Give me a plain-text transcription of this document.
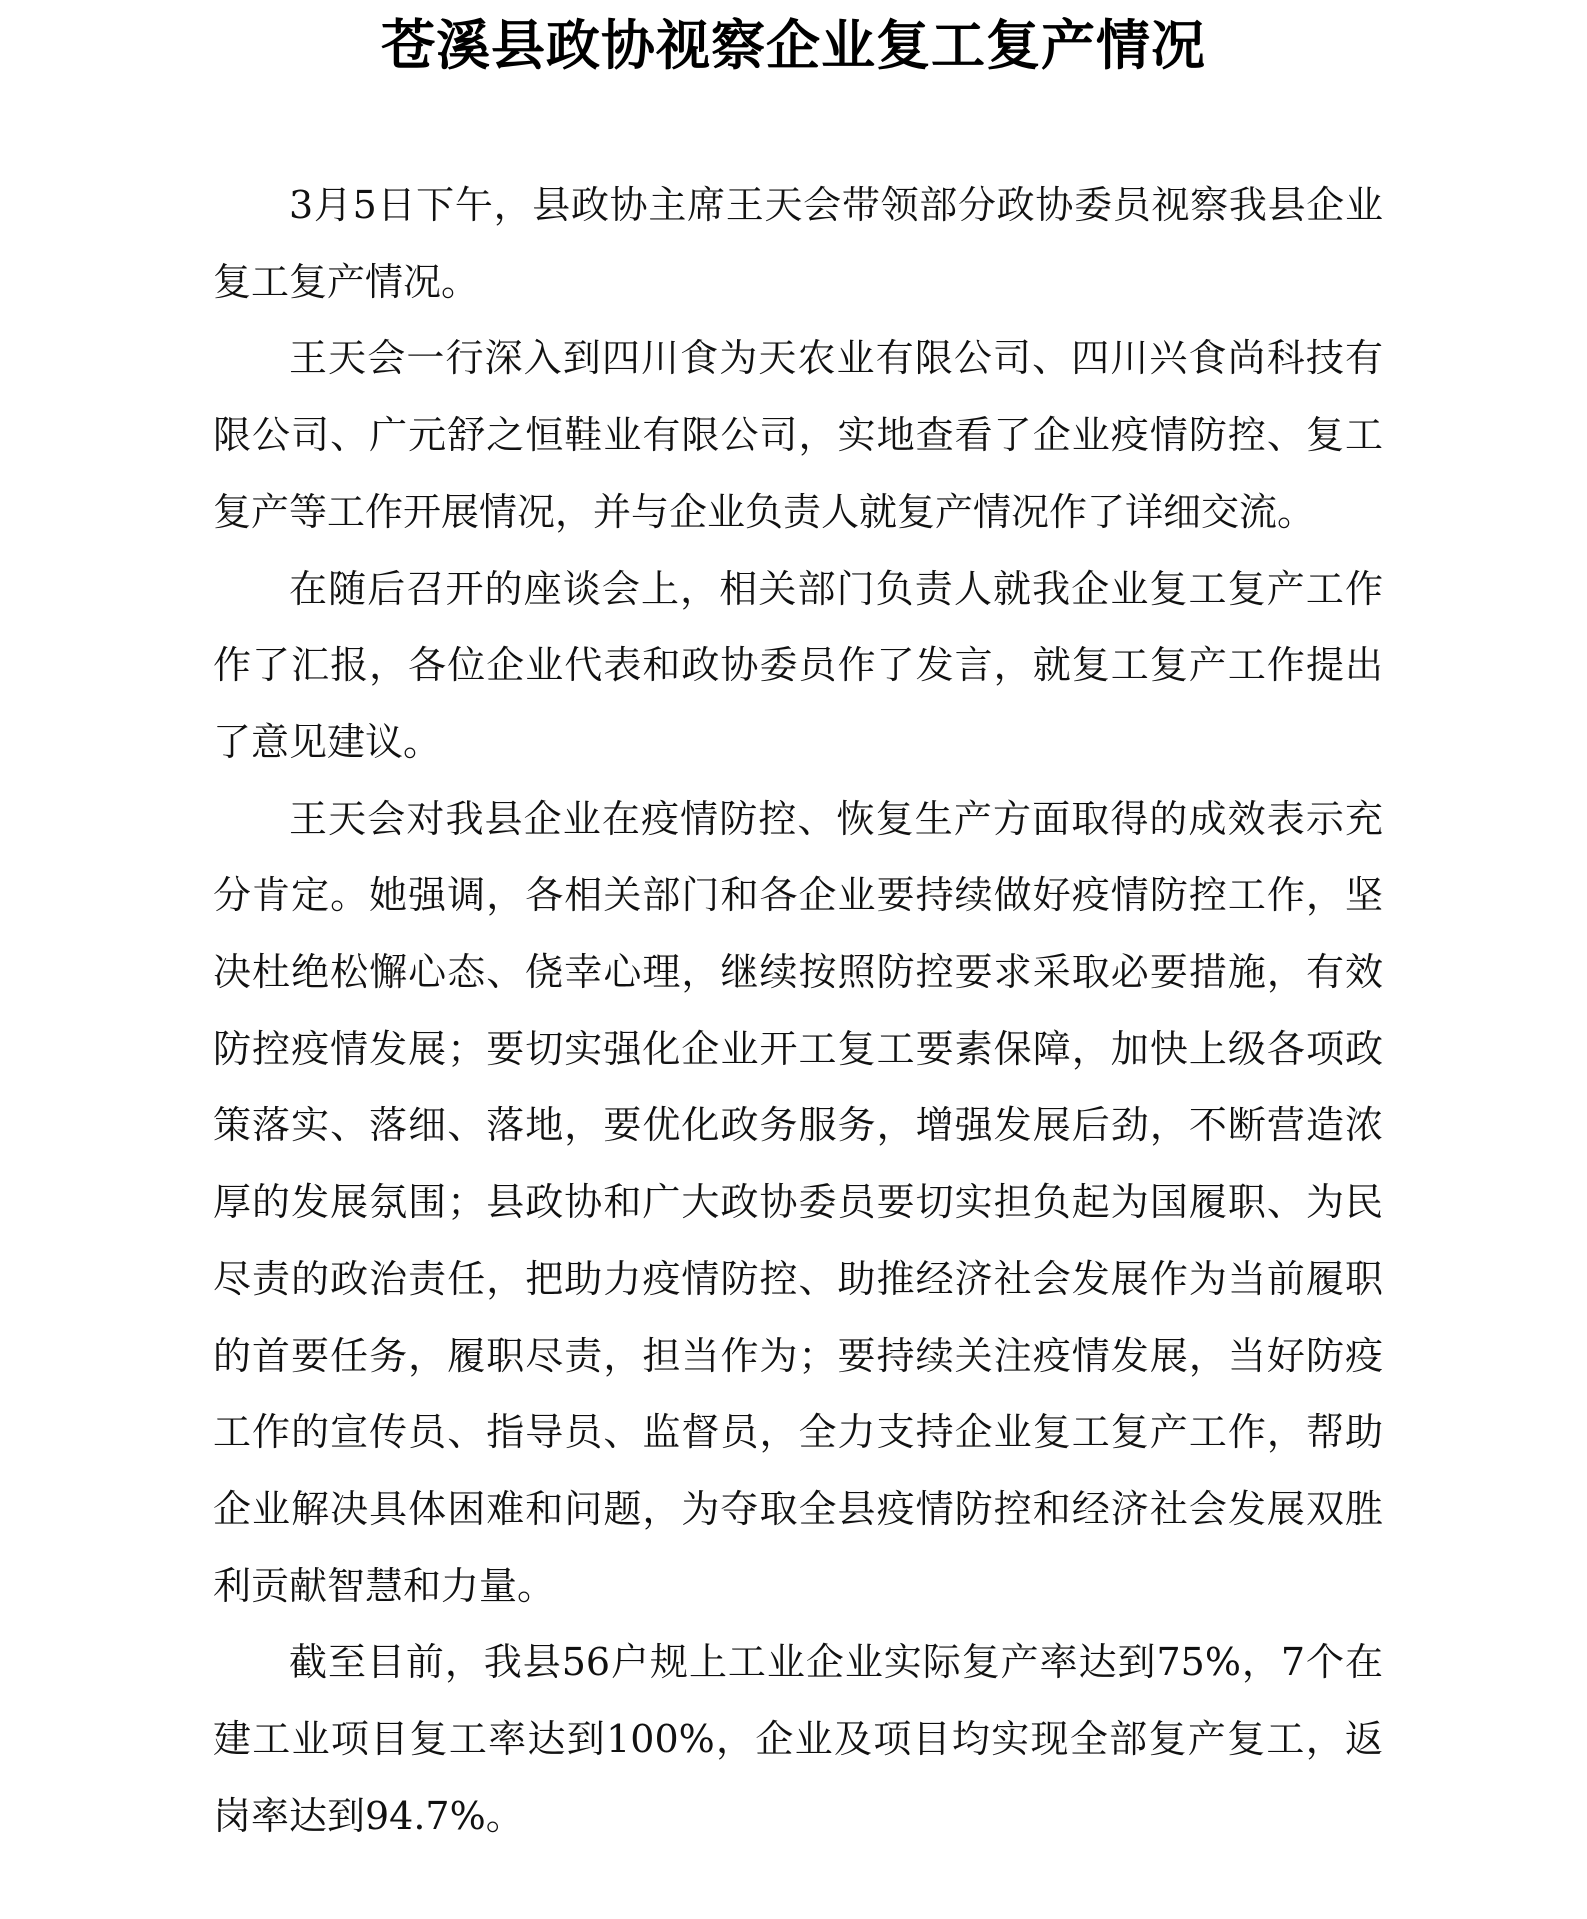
苍溪县政协视察企业复工复产情况

3月5日下午，县政协主席王天会带领部分政协委员视察我县企业复工复产情况。

王天会一行深入到四川食为天农业有限公司、四川兴食尚科技有限公司、广元舒之恒鞋业有限公司，实地查看了企业疫情防控、复工复产等工作开展情况，并与企业负责人就复产情况作了详细交流。

在随后召开的座谈会上，相关部门负责人就我企业复工复产工作作了汇报，各位企业代表和政协委员作了发言，就复工复产工作提出了意见建议。

王天会对我县企业在疫情防控、恢复生产方面取得的成效表示充分肯定。她强调，各相关部门和各企业要持续做好疫情防控工作，坚决杜绝松懈心态、侥幸心理，继续按照防控要求采取必要措施，有效防控疫情发展；要切实强化企业开工复工要素保障，加快上级各项政策落实、落细、落地，要优化政务服务，增强发展后劲，不断营造浓厚的发展氛围；县政协和广大政协委员要切实担负起为国履职、为民尽责的政治责任，把助力疫情防控、助推经济社会发展作为当前履职的首要任务，履职尽责，担当作为；要持续关注疫情发展，当好防疫工作的宣传员、指导员、监督员，全力支持企业复工复产工作，帮助企业解决具体困难和问题，为夺取全县疫情防控和经济社会发展双胜利贡献智慧和力量。

截至目前，我县56户规上工业企业实际复产率达到75%，7个在建工业项目复工率达到100%，企业及项目均实现全部复产复工，返岗率达到94.7%。
